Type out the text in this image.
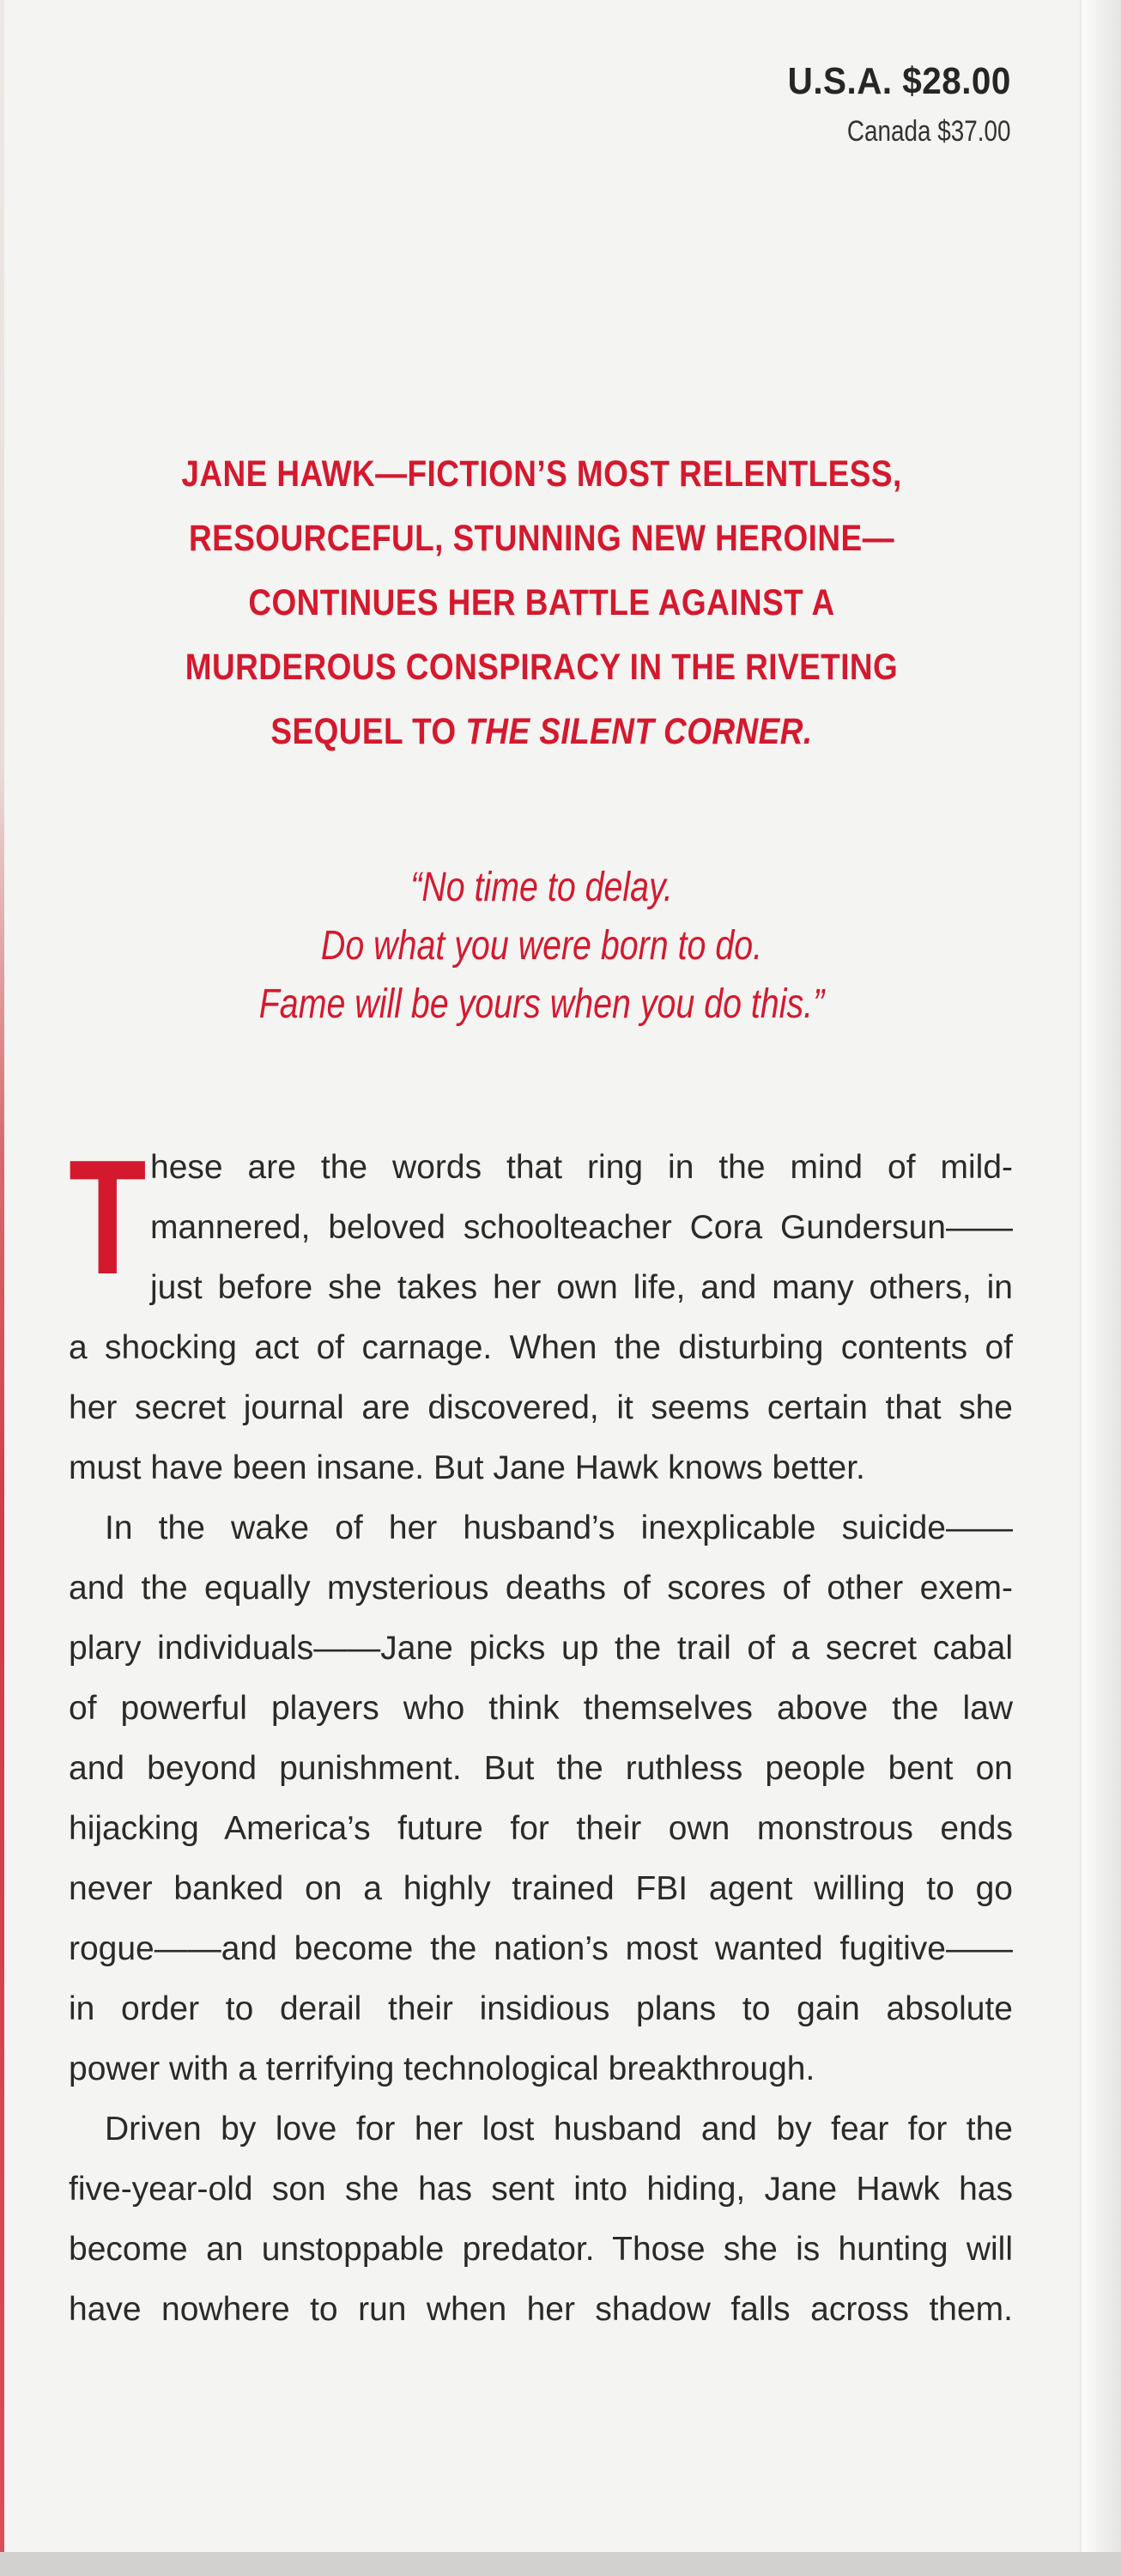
U.S.A. $28.00
Canada $37.00
JANE HAWK—FICTION’S MOST RELENTLESS,
RESOURCEFUL, STUNNING NEW HEROINE—
CONTINUES HER BATTLE AGAINST A
MURDEROUS CONSPIRACY IN THE RIVETING
SEQUEL TO THE SILENT CORNER.
“No time to delay.
Do what you were born to do.
Fame will be yours when you do this.”
T hese are the words that ring in the mind of mild-
mannered, beloved schoolteacher Cora Gundersun——
just before she takes her own life, and many others, in
a shocking act of carnage. When the disturbing contents of
her secret journal are discovered, it seems certain that she
must have been insane. But Jane Hawk knows better.
In the wake of her husband’s inexplicable suicide——
and the equally mysterious deaths of scores of other exem-
plary individuals——Jane picks up the trail of a secret cabal
of powerful players who think themselves above the law
and beyond punishment. But the ruthless people bent on
hijacking America’s future for their own monstrous ends
never banked on a highly trained FBI agent willing to go
rogue——and become the nation’s most wanted fugitive——
in order to derail their insidious plans to gain absolute
power with a terrifying technological breakthrough.
Driven by love for her lost husband and by fear for the
five-year-old son she has sent into hiding, Jane Hawk has
become an unstoppable predator. Those she is hunting will
have nowhere to run when her shadow falls across them.
